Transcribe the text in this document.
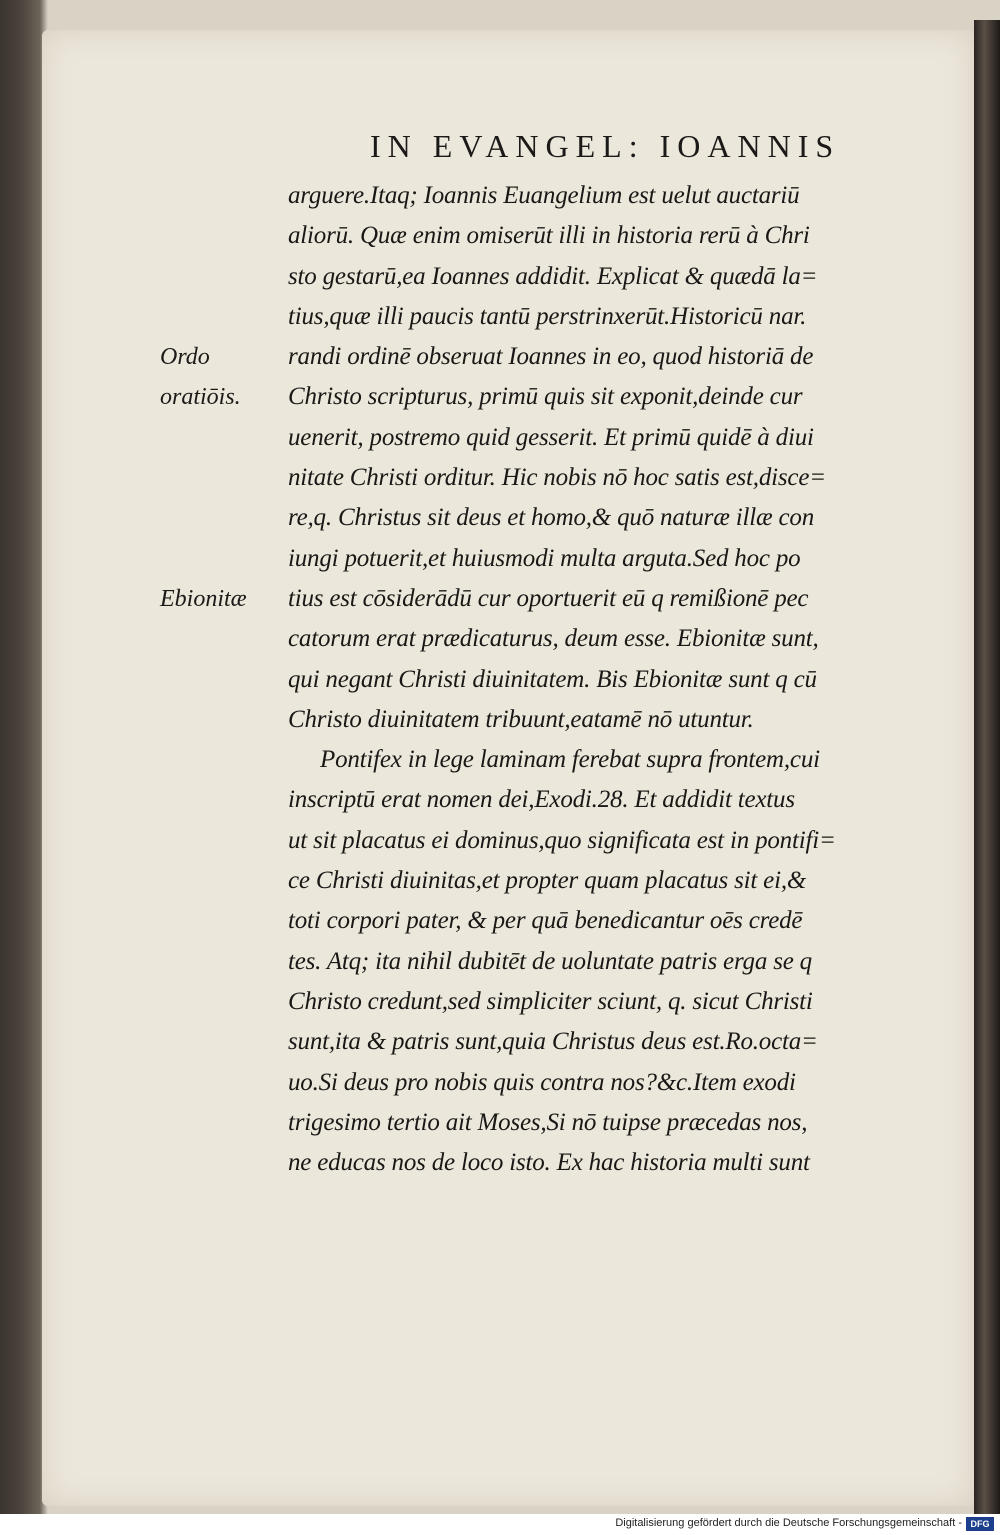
IN EVANGEL: IOANNIS
Ordo
oratiōis.
Ebionitæ
arguere.Itaq; Ioannis Euangelium est uelut auctariū
aliorū. Quæ enim omiserūt illi in historia rerū à Chri
sto gestarū,ea Ioannes addidit. Explicat & quædā la=
tius,quæ illi paucis tantū perstrinxerūt.Historicū nar.
randi ordinē obseruat Ioannes in eo, quod historiā de
Christo scripturus, primū quis sit exponit,deinde cur
uenerit, postremo quid gesserit. Et primū quidē à diui
nitate Christi orditur. Hic nobis nō hoc satis est,disce=
re,q. Christus sit deus et homo,& quō naturæ illæ con
iungi potuerit,et huiusmodi multa arguta.Sed hoc po
tius est cōsiderādū cur oportuerit eū q remißionē pec
catorum erat prædicaturus, deum esse. Ebionitæ sunt,
qui negant Christi diuinitatem. Bis Ebionitæ sunt q cū
Christo diuinitatem tribuunt,eatamē nō utuntur.
Pontifex in lege laminam ferebat supra frontem,cui
inscriptū erat nomen dei,Exodi.28. Et addidit textus
ut sit placatus ei dominus,quo significata est in pontifi=
ce Christi diuinitas,et propter quam placatus sit ei,&
toti corpori pater, & per quā benedicantur oēs credē
tes. Atq; ita nihil dubitēt de uoluntate patris erga se q
Christo credunt,sed simpliciter sciunt, q. sicut Christi
sunt,ita & patris sunt,quia Christus deus est.Ro.octa=
uo.Si deus pro nobis quis contra nos?&c.Item exodi
trigesimo tertio ait Moses,Si nō tuipse præcedas nos,
ne educas nos de loco isto. Ex hac historia multi sunt
Digitalisierung gefördert durch die Deutsche Forschungsgemeinschaft - DFG
